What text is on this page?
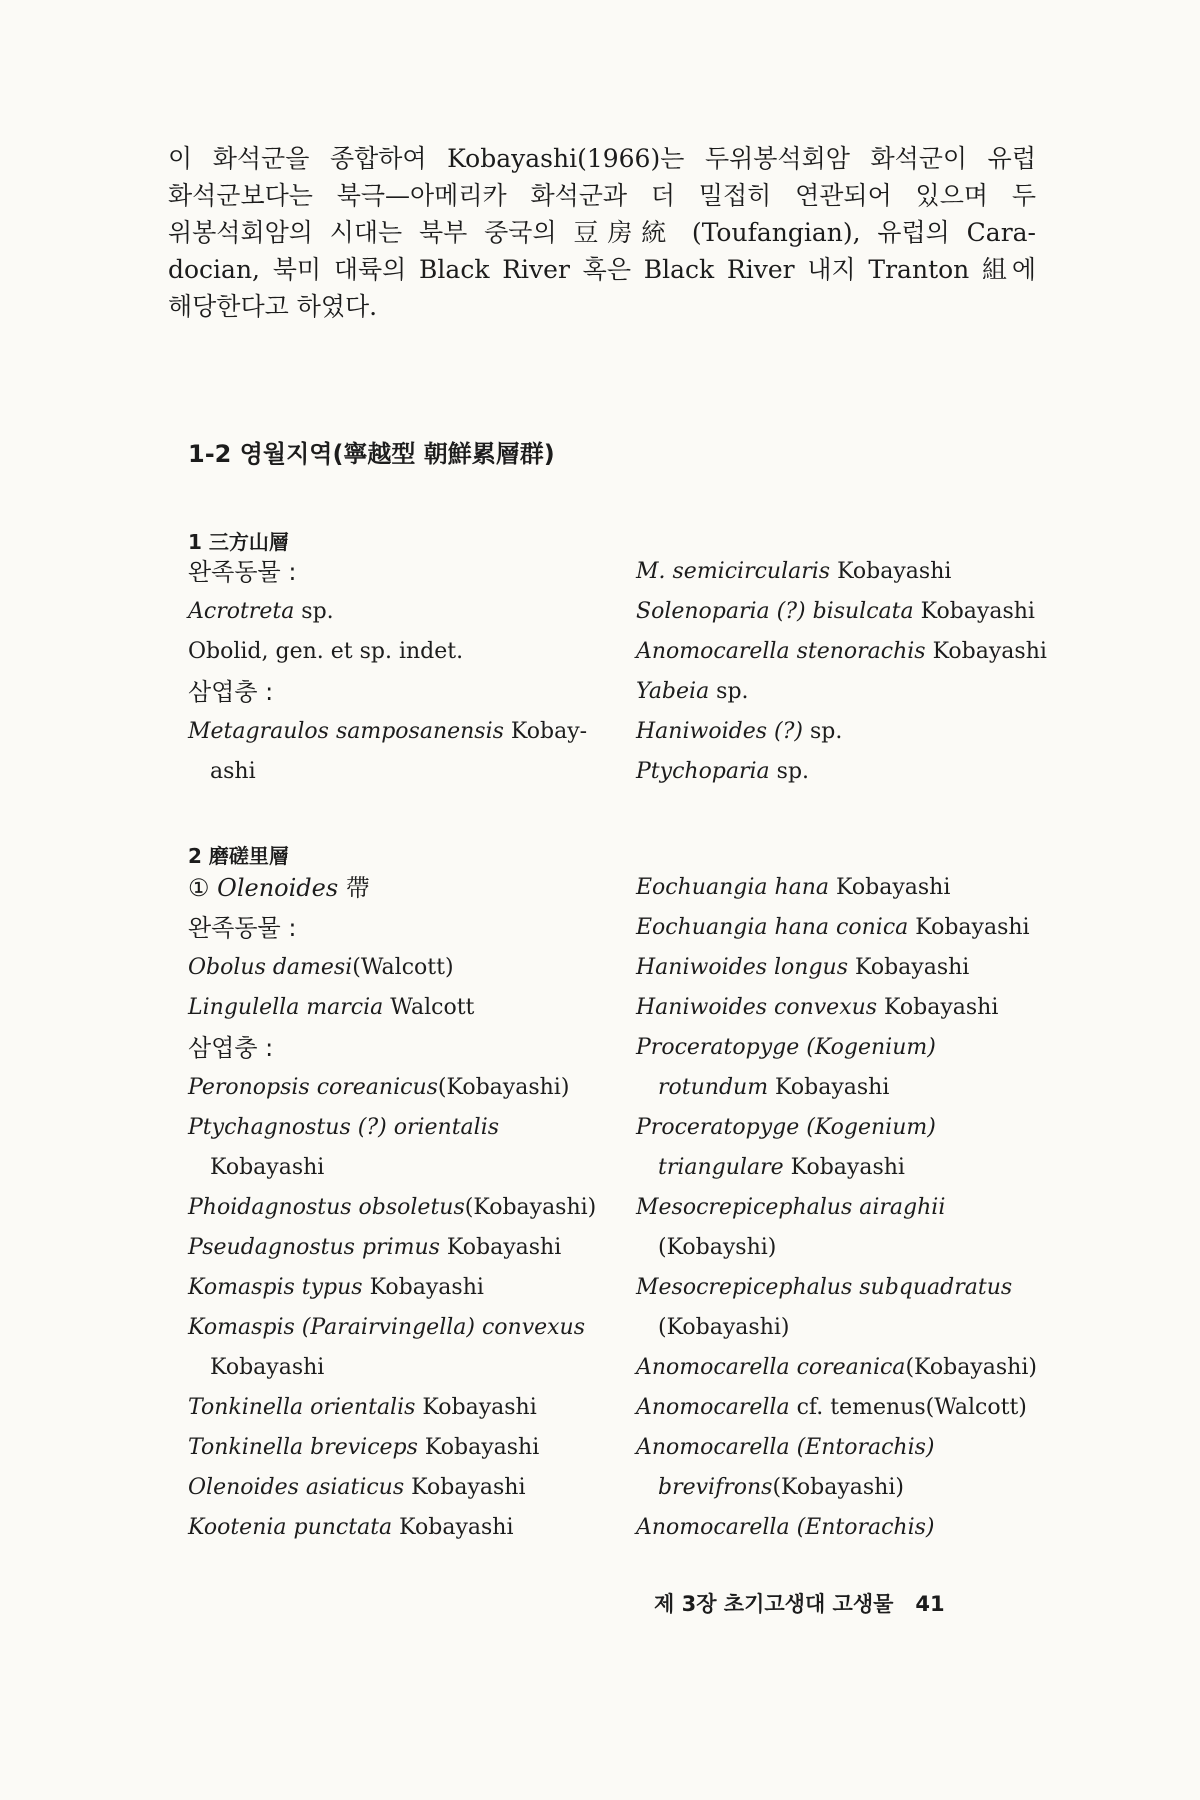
이 화석군을 종합하여 Kobayashi(1966)는 두위봉석회암 화석군이 유럽
화석군보다는 북극—아메리카 화석군과 더 밀접히 연관되어 있으며 두
위봉석회암의 시대는 북부 중국의 豆房統 (Toufangian), 유럽의 Cara-
docian, 북미 대륙의 Black River 혹은 Black River 내지 Tranton 組에
해당한다고 하였다.
1-2 영월지역(寧越型 朝鮮累層群)
1 三方山層
완족동물 :
Acrotreta sp.
Obolid, gen. et sp. indet.
삼엽충 :
Metagraulos samposanensis Kobay-
ashi
M. semicircularis Kobayashi
Solenoparia (?) bisulcata Kobayashi
Anomocarella stenorachis Kobayashi
Yabeia sp.
Haniwoides (?) sp.
Ptychoparia sp.
2 磨磋里層
① Olenoides 帶
완족동물 :
Obolus damesi(Walcott)
Lingulella marcia Walcott
삼엽충 :
Peronopsis coreanicus(Kobayashi)
Ptychagnostus (?) orientalis
Kobayashi
Phoidagnostus obsoletus(Kobayashi)
Pseudagnostus primus Kobayashi
Komaspis typus Kobayashi
Komaspis (Parairvingella) convexus
Kobayashi
Tonkinella orientalis Kobayashi
Tonkinella breviceps Kobayashi
Olenoides asiaticus Kobayashi
Kootenia punctata Kobayashi
Eochuangia hana Kobayashi
Eochuangia hana conica Kobayashi
Haniwoides longus Kobayashi
Haniwoides convexus Kobayashi
Proceratopyge (Kogenium)
rotundum Kobayashi
Proceratopyge (Kogenium)
triangulare Kobayashi
Mesocrepicephalus airaghii
(Kobayshi)
Mesocrepicephalus subquadratus
(Kobayashi)
Anomocarella coreanica(Kobayashi)
Anomocarella cf. temenus(Walcott)
Anomocarella (Entorachis)
brevifrons(Kobayashi)
Anomocarella (Entorachis)
제 3장 초기고생대 고생물 41
